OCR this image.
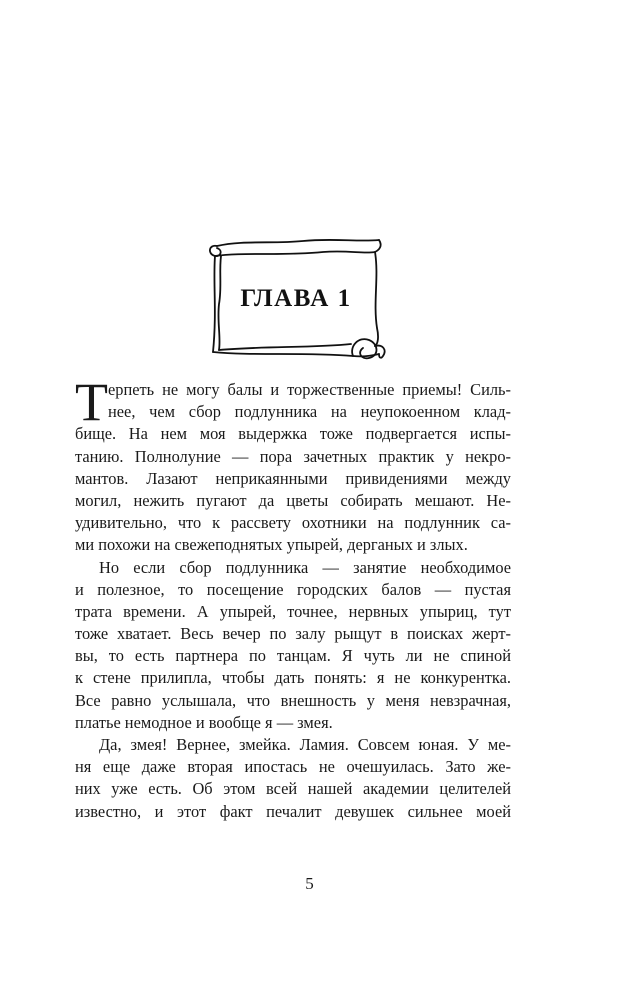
ГЛАВА 1
Т ерпеть не могу балы и торжественные приемы! Силь-
нее, чем сбор подлунника на неупокоенном клад-
бище. На нем моя выдержка тоже подвергается испы-
танию. Полнолуние — пора зачетных практик у некро-
мантов. Лазают неприкаянными привидениями между
могил, нежить пугают да цветы собирать мешают. Не-
удивительно, что к рассвету охотники на подлунник са-
ми похожи на свежеподнятых упырей, дерганых и злых.
Но если сбор подлунника — занятие необходимое
и полезное, то посещение городских балов — пустая
трата времени. А упырей, точнее, нервных упыриц, тут
тоже хватает. Весь вечер по залу рыщут в поисках жерт-
вы, то есть партнера по танцам. Я чуть ли не спиной
к стене прилипла, чтобы дать понять: я не конкурентка.
Все равно услышала, что внешность у меня невзрачная,
платье немодное и вообще я — змея.
Да, змея! Вернее, змейка. Ламия. Совсем юная. У ме-
ня еще даже вторая ипостась не очешуилась. Зато же-
них уже есть. Об этом всей нашей академии целителей
известно, и этот факт печалит девушек сильнее моей
5
